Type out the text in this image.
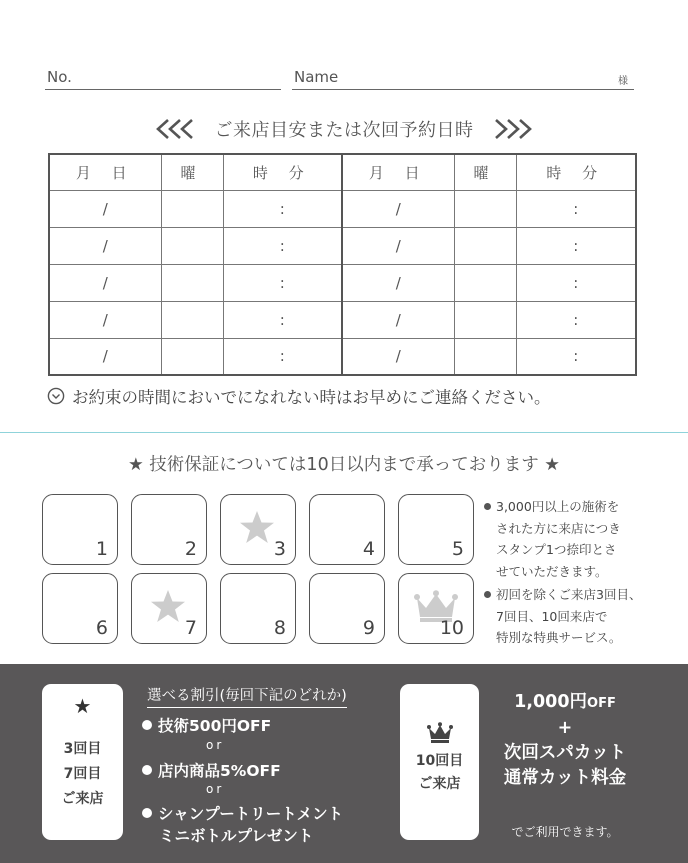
No.	Name	様
ご来店目安または次回予約日時
月 日	曜	時 分	月 日	曜	時 分
/		:	/		:
/		:	/		:
/		:	/		:
/		:	/		:
/		:	/		:
お約束の時間においでになれない時はお早めにご連絡ください。
★ 技術保証については10日以内まで承っております ★
1	2	3	4	5
6	7	8	9	10
3,000円以上の施術を
された方に来店につき
スタンプ1つ捺印とさ
せていただきます。
初回を除くご来店3回目、
7回目、10回来店で
特別な特典サービス。
★
3回目
7回目
ご来店
選べる割引(毎回下記のどれか)
技術500円OFF
or
店内商品5%OFF
or
シャンプートリートメント
ミニボトルプレゼント
10回目
ご来店
1,000円OFF
+
次回スパカット
通常カット料金
でご利用できます。
